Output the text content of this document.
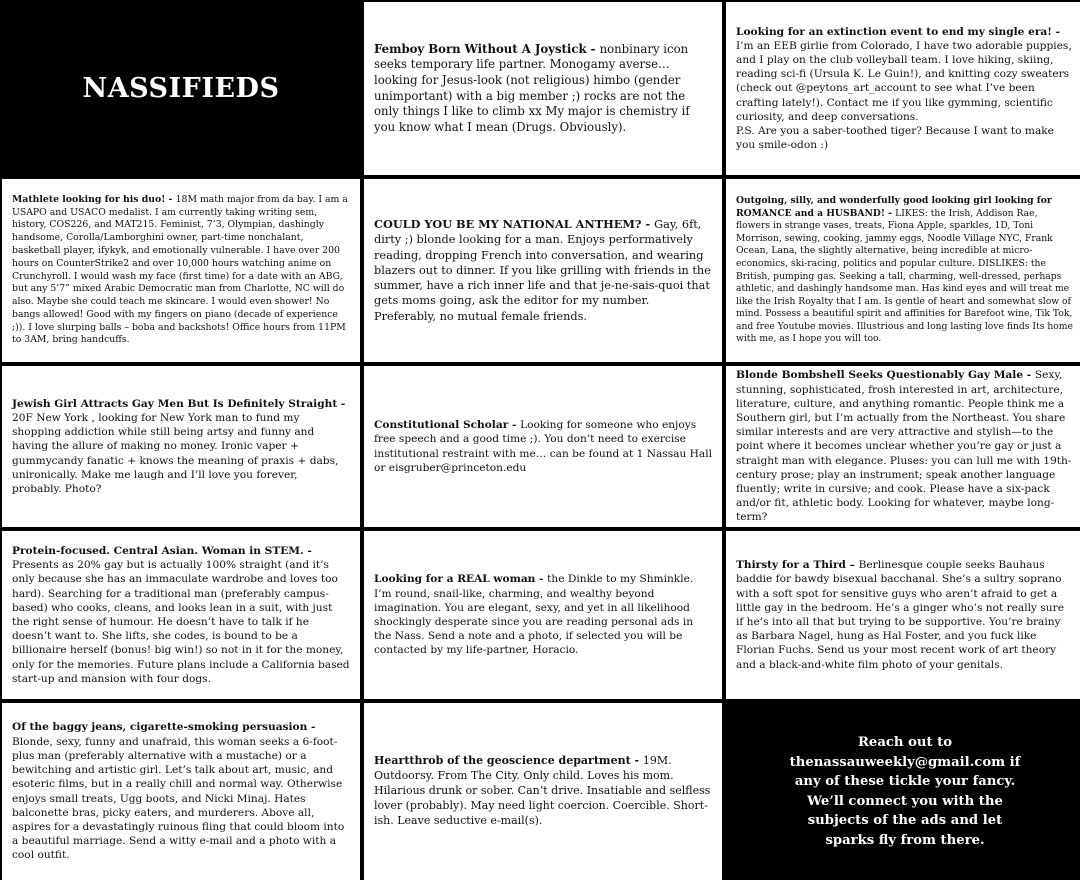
NASSIFIEDS

Femboy Born Without A Joystick - nonbinary icon seeks temporary life partner. Monogamy averse… looking for Jesus-look (not religious) himbo (gender unimportant) with a big member ;) rocks are not the only things I like to climb xx My major is chemistry if you know what I mean (Drugs. Obviously).

Looking for an extinction event to end my single era! - I’m an EEB girlie from Colorado, I have two adorable puppies, and I play on the club volleyball team. I love hiking, skiing, reading sci-fi (Ursula K. Le Guin!), and knitting cozy sweaters (check out @peytons_art_account to see what I’ve been crafting lately!). Contact me if you like gymming, scientific curiosity, and deep conversations.

P.S. Are you a saber-toothed tiger? Because I want to make you smile-odon :)

Mathlete looking for his duo! - 18M math major from da bay. I am a USAPO and USACO medalist. I am currently taking writing sem, history, COS226, and MAT215. Feminist, 7’3, Olympian, dashingly handsome, Corolla/Lamborghini owner, part-time nonchalant, basketball player, ifykyk, and emotionally vulnerable. I have over 200 hours on CounterStrike2 and over 10,000 hours watching anime on Crunchyroll. I would wash my face (first time) for a date with an ABG, but any 5’7” mixed Arabic Democratic man from Charlotte, NC will do also. Maybe she could teach me skincare. I would even shower! No bangs allowed! Good with my fingers on piano (decade of experience ;)). I love slurping balls – boba and backshots! Office hours from 11PM to 3AM, bring handcuffs.

COULD YOU BE MY NATIONAL ANTHEM? - Gay, 6ft, dirty ;) blonde looking for a man. Enjoys performatively reading, dropping French into conversation, and wearing blazers out to dinner. If you like grilling with friends in the summer, have a rich inner life and that je-ne-sais-quoi that gets moms going, ask the editor for my number. Preferably, no mutual female friends.

Outgoing, silly, and wonderfully good looking girl looking for ROMANCE and a HUSBAND! - LIKES: the Irish, Addison Rae, flowers in strange vases, treats, Fiona Apple, sparkles, 1D, Toni Morrison, sewing, cooking, jammy eggs, Noodle Village NYC, Frank Ocean, Lana, the slightly alternative, being incredible at micro-economics, ski-racing, politics and popular culture. DISLIKES: the British, pumping gas. Seeking a tall, charming, well-dressed, perhaps athletic, and dashingly handsome man. Has kind eyes and will treat me like the Irish Royalty that I am. Is gentle of heart and somewhat slow of mind. Possess a beautiful spirit and affinities for Barefoot wine, Tik Tok, and free Youtube movies. Illustrious and long lasting love finds Its home with me, as I hope you will too.

Jewish Girl Attracts Gay Men But Is Definitely Straight - 20F New York , looking for New York man to fund my shopping addiction while still being artsy and funny and having the allure of making no money. Ironic vaper + gummycandy fanatic + knows the meaning of praxis + dabs, unironically. Make me laugh and I’ll love you forever, probably. Photo?

Constitutional Scholar - Looking for someone who enjoys free speech and a good time ;). You don’t need to exercise institutional restraint with me… can be found at 1 Nassau Hall or eisgruber@princeton.edu

Blonde Bombshell Seeks Questionably Gay Male - Sexy, stunning, sophisticated, frosh interested in art, architecture, literature, culture, and anything romantic. People think me a Southern girl, but I’m actually from the Northeast. You share similar interests and are very attractive and stylish—to the point where it becomes unclear whether you’re gay or just a straight man with elegance. Pluses: you can lull me with 19th-century prose; play an instrument; speak another language fluently; write in cursive; and cook. Please have a six-pack and/or fit, athletic body. Looking for whatever, maybe long-term?

Protein-focused. Central Asian. Woman in STEM. - Presents as 20% gay but is actually 100% straight (and it’s only because she has an immaculate wardrobe and loves too hard). Searching for a traditional man (preferably campus-based) who cooks, cleans, and looks lean in a suit, with just the right sense of humour. He doesn’t have to talk if he doesn’t want to. She lifts, she codes, is bound to be a billionaire herself (bonus! big win!) so not in it for the money, only for the memories. Future plans include a California based start-up and mansion with four dogs.

Looking for a REAL woman - the Dinkle to my Shminkle. I’m round, snail-like, charming, and wealthy beyond imagination. You are elegant, sexy, and yet in all likelihood shockingly desperate since you are reading personal ads in the Nass. Send a note and a photo, if selected you will be contacted by my life-partner, Horacio.

Thirsty for a Third – Berlinesque couple seeks Bauhaus baddie for bawdy bisexual bacchanal. She’s a sultry soprano with a soft spot for sensitive guys who aren’t afraid to get a little gay in the bedroom. He’s a ginger who’s not really sure if he’s into all that but trying to be supportive. You’re brainy as Barbara Nagel, hung as Hal Foster, and you fuck like Florian Fuchs. Send us your most recent work of art theory and a black-and-white film photo of your genitals.

Of the baggy jeans, cigarette-smoking persuasion - Blonde, sexy, funny and unafraid, this woman seeks a 6-foot-plus man (preferably alternative with a mustache) or a bewitching and artistic girl. Let’s talk about art, music, and esoteric films, but in a really chill and normal way. Otherwise enjoys small treats, Ugg boots, and Nicki Minaj. Hates balconette bras, picky eaters, and murderers. Above all, aspires for a devastatingly ruinous fling that could bloom into a beautiful marriage. Send a witty e-mail and a photo with a cool outfit.

Heartthrob of the geoscience department - 19M. Outdoorsy. From The City. Only child. Loves his mom. Hilarious drunk or sober. Can’t drive. Insatiable and selfless lover (probably). May need light coercion. Coercible. Short-ish. Leave seductive e-mail(s).

Reach out to thenassauweekly@gmail.com if any of these tickle your fancy. We’ll connect you with the subjects of the ads and let sparks fly from there.
